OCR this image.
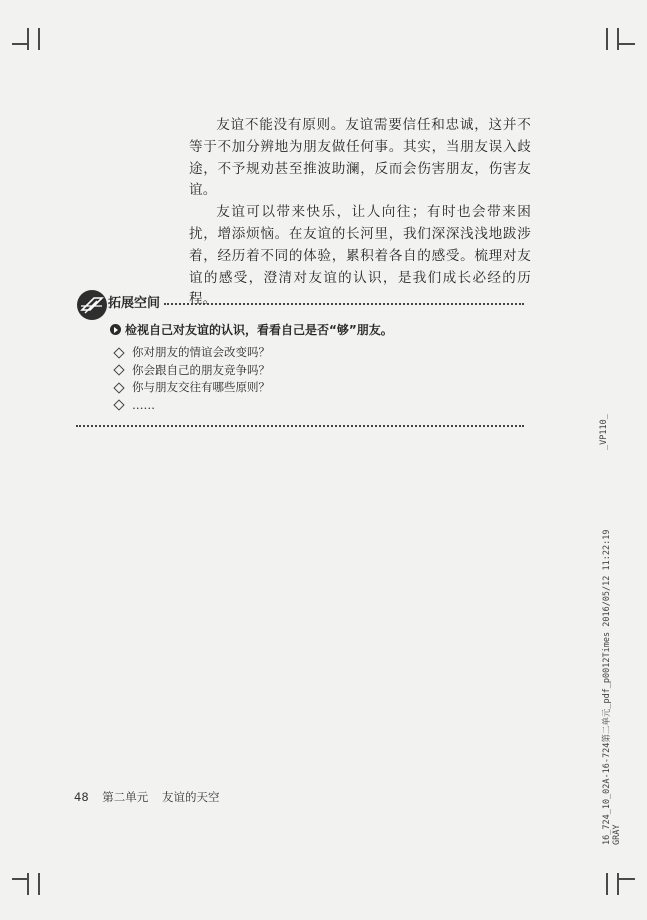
友谊不能没有原则。友谊需要信任和忠诚，这并不等于不加分辨地为朋友做任何事。其实，当朋友误入歧途，不予规劝甚至推波助澜，反而会伤害朋友，伤害友谊。

友谊可以带来快乐，让人向往；有时也会带来困扰，增添烦恼。在友谊的长河里，我们深深浅浅地跋涉着，经历着不同的体验，累积着各自的感受。梳理对友谊的感受，澄清对友谊的认识，是我们成长必经的历程。

拓展空间
检视自己对友谊的认识，看看自己是否“够”朋友。
你对朋友的情谊会改变吗？
你会跟自己的朋友竞争吗？
你与朋友交往有哪些原则？
……
48 第二单元 友谊的天空
_VP110_
16_724_10_02A-16-724第二单元_pdf_p0012Times 2016/05/12 11:22:19 GRAY
